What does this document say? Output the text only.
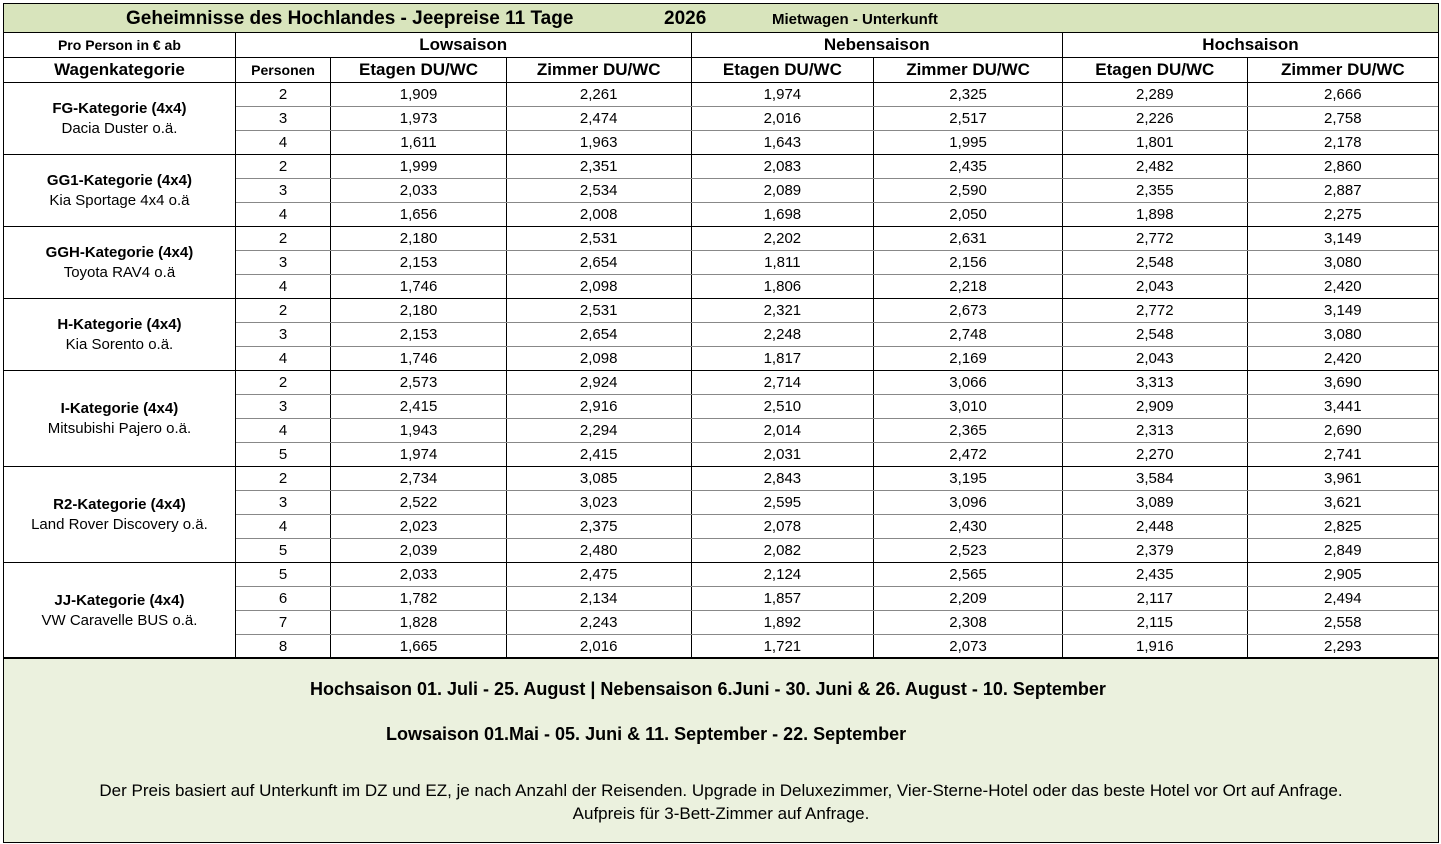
Geheimnisse des Hochlandes - Jeepreise 11 Tage	2026	Mietwagen - Unterkunft
Pro Person in € ab	Lowsaison			Nebensaison		Hochsaison	
Wagenkategorie	Personen	Etagen DU/WC	Zimmer DU/WC	Etagen DU/WC	Zimmer DU/WC	Etagen DU/WC	Zimmer DU/WC

FG-Kategorie (4x4)
Dacia Duster o.ä.	2	1,909	2,261	1,974	2,325	2,289	2,666
	3	1,973	2,474	2,016	2,517	2,226	2,758
	4	1,611	1,963	1,643	1,995	1,801	2,178

GG1-Kategorie (4x4)
Kia Sportage 4x4 o.ä	2	1,999	2,351	2,083	2,435	2,482	2,860
	3	2,033	2,534	2,089	2,590	2,355	2,887
	4	1,656	2,008	1,698	2,050	1,898	2,275

GGH-Kategorie (4x4)
Toyota RAV4 o.ä	2	2,180	2,531	2,202	2,631	2,772	3,149
	3	2,153	2,654	1,811	2,156	2,548	3,080
	4	1,746	2,098	1,806	2,218	2,043	2,420

H-Kategorie (4x4)
Kia Sorento o.ä.	2	2,180	2,531	2,321	2,673	2,772	3,149
	3	2,153	2,654	2,248	2,748	2,548	3,080
	4	1,746	2,098	1,817	2,169	2,043	2,420

I-Kategorie (4x4)
Mitsubishi Pajero o.ä.	2	2,573	2,924	2,714	3,066	3,313	3,690
	3	2,415	2,916	2,510	3,010	2,909	3,441
	4	1,943	2,294	2,014	2,365	2,313	2,690
	5	1,974	2,415	2,031	2,472	2,270	2,741

R2-Kategorie (4x4)
Land Rover Discovery o.ä.	2	2,734	3,085	2,843	3,195	3,584	3,961
	3	2,522	3,023	2,595	3,096	3,089	3,621
	4	2,023	2,375	2,078	2,430	2,448	2,825
	5	2,039	2,480	2,082	2,523	2,379	2,849

JJ-Kategorie (4x4)
VW Caravelle BUS o.ä.	5	2,033	2,475	2,124	2,565	2,435	2,905
	6	1,782	2,134	1,857	2,209	2,117	2,494
	7	1,828	2,243	1,892	2,308	2,115	2,558
	8	1,665	2,016	1,721	2,073	1,916	2,293
Hochsaison 01. Juli - 25. August | Nebensaison 6.Juni - 30. Juni & 26. August - 10. September
Lowsaison 01.Mai - 05. Juni & 11. September - 22. September
Der Preis basiert auf Unterkunft im DZ und EZ, je nach Anzahl der Reisenden. Upgrade in Deluxezimmer, Vier-Sterne-Hotel oder das beste Hotel vor Ort auf Anfrage.
Aufpreis für 3-Bett-Zimmer auf Anfrage.
